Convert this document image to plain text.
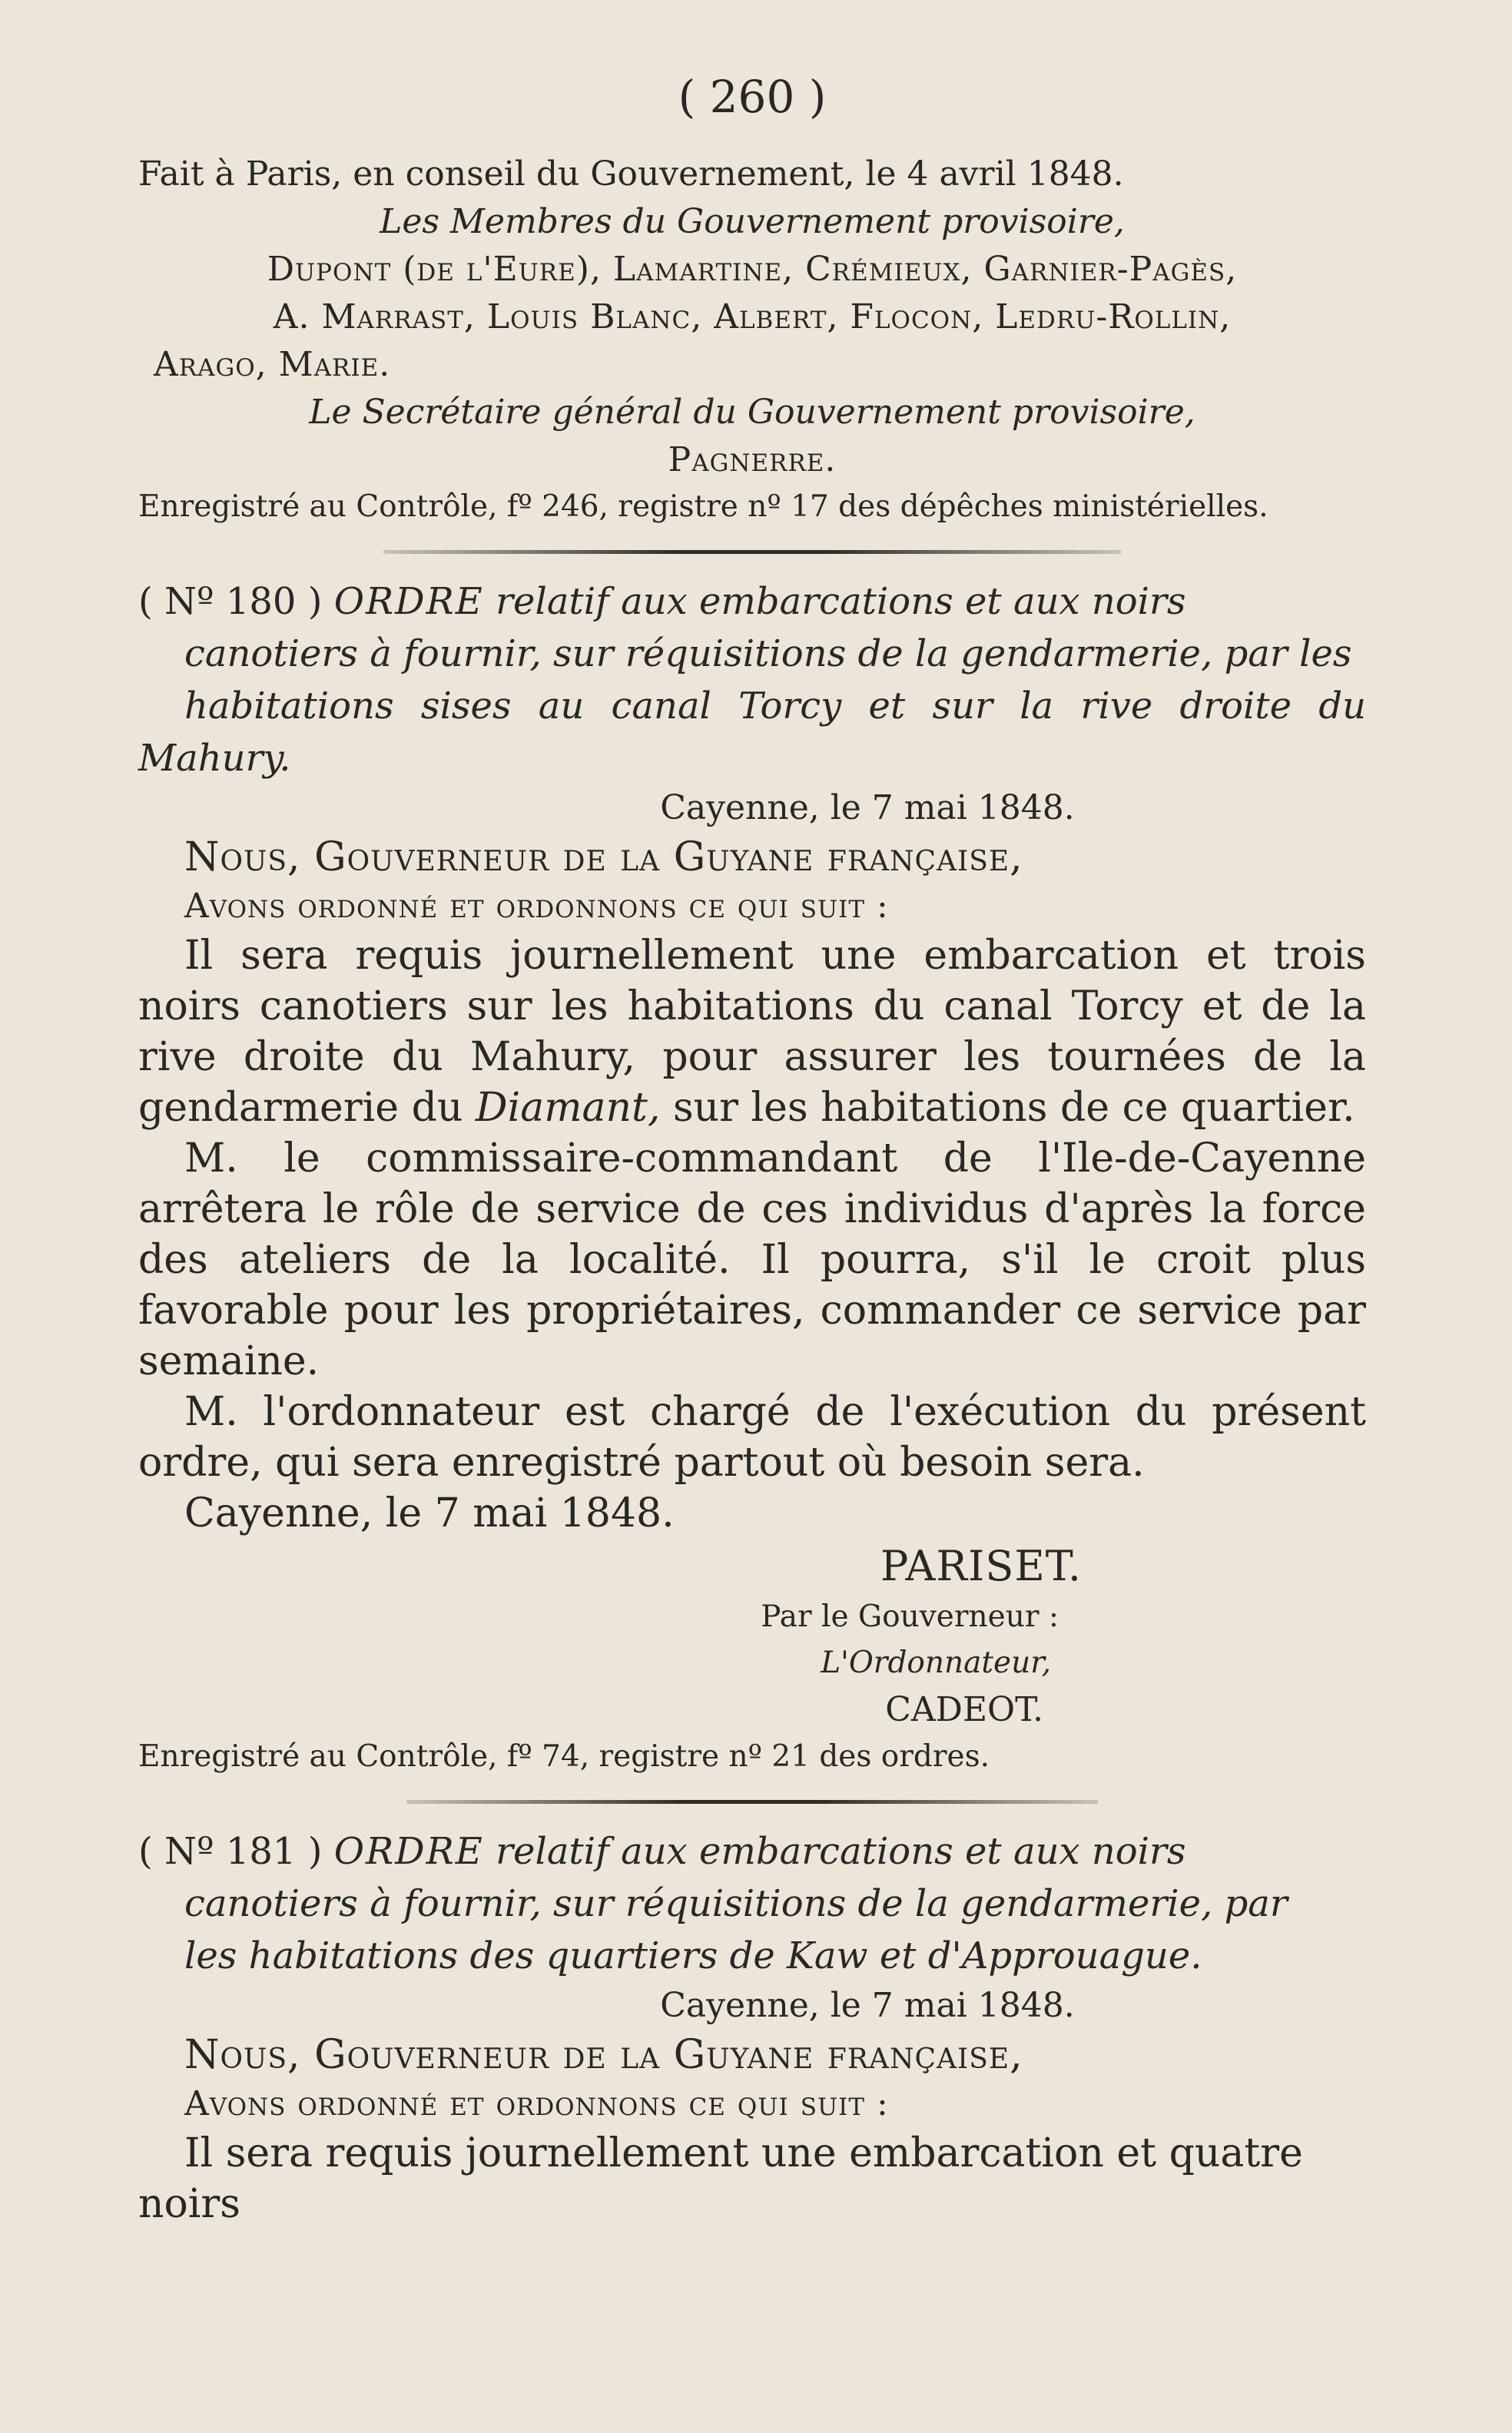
( 260 )
Fait à Paris, en conseil du Gouvernement, le 4 avril 1848.
Les Membres du Gouvernement provisoire,
Dupont (de l'Eure), Lamartine, Crémieux, Garnier-Pagès,
A. Marrast, Louis Blanc, Albert, Flocon, Ledru-Rollin,
Arago, Marie.
Le Secrétaire général du Gouvernement provisoire,
Pagnerre.
Enregistré au Contrôle, fº 246, registre nº 17 des dépêches ministérielles.
( Nº 180 ) ORDRE relatif aux embarcations et aux noirs
canotiers à fournir, sur réquisitions de la gendarmerie, par les
habitations sises au canal Torcy et sur la rive droite du Mahury.
Cayenne, le 7 mai 1848.
Nous, Gouverneur de la Guyane française,
Avons ordonné et ordonnons ce qui suit :
Il sera requis journellement une embarcation et trois noirs canotiers sur les habitations du canal Torcy et de la rive droite du Mahury, pour assurer les tournées de la gendarmerie du Diamant, sur les habitations de ce quartier.
M. le commissaire-commandant de l'Ile-de-Cayenne arrêtera le rôle de service de ces individus d'après la force des ateliers de la localité. Il pourra, s'il le croit plus favorable pour les propriétaires, commander ce service par semaine.
M. l'ordonnateur est chargé de l'exécution du présent ordre, qui sera enregistré partout où besoin sera.
Cayenne, le 7 mai 1848.
PARISET.
Par le Gouverneur :
L'Ordonnateur,
CADEOT.
Enregistré au Contrôle, fº 74, registre nº 21 des ordres.
( Nº 181 ) ORDRE relatif aux embarcations et aux noirs
canotiers à fournir, sur réquisitions de la gendarmerie, par
les habitations des quartiers de Kaw et d'Approuague.
Cayenne, le 7 mai 1848.
Nous, Gouverneur de la Guyane française,
Avons ordonné et ordonnons ce qui suit :
Il sera requis journellement une embarcation et quatre noirs
